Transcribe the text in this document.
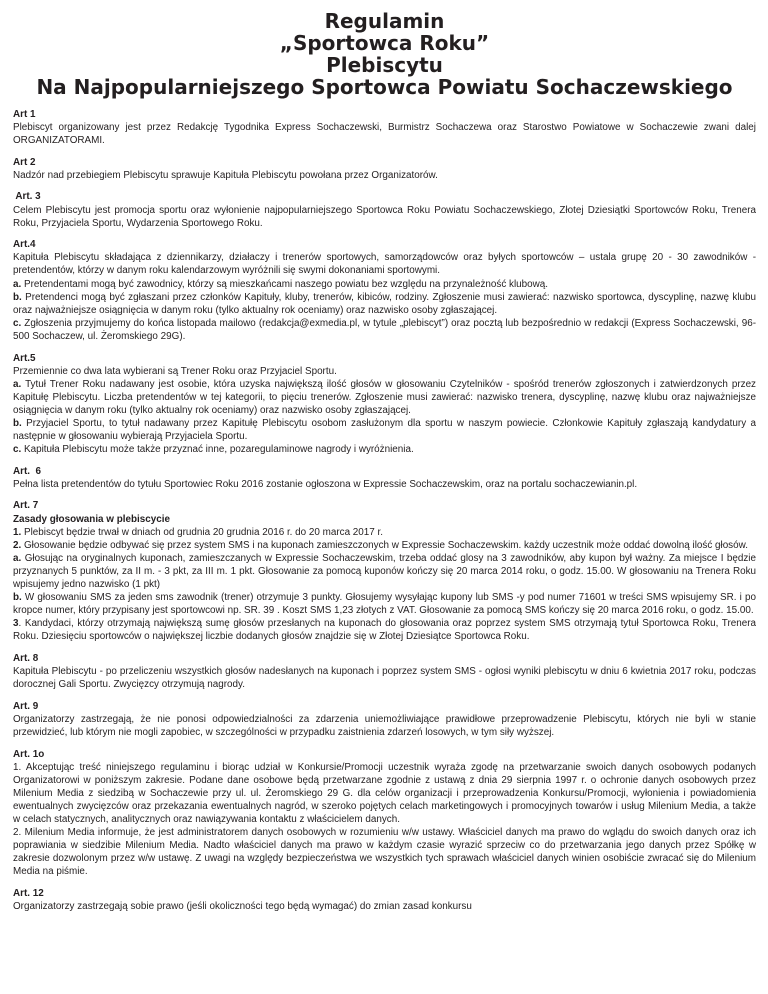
Regulamin

„Sportowca Roku”

Plebiscytu

Na Najpopularniejszego Sportowca Powiatu Sochaczewskiego

Art 1

Plebiscyt organizowany jest przez Redakcję Tygodnika Express Sochaczewski, Burmistrz Sochaczewa oraz Starostwo Powiatowe w Sochaczewie zwani dalej ORGANIZATORAMI.

Art 2

Nadzór nad przebiegiem Plebiscytu sprawuje Kapituła Plebiscytu powołana przez Organizatorów.

Art. 3

Celem Plebiscytu jest promocja sportu oraz wyłonienie najpopularniejszego Sportowca Roku Powiatu Sochaczewskiego, Złotej Dziesiątki Sportowców Roku, Trenera Roku, Przyjaciela Sportu, Wydarzenia Sportowego Roku.

Art.4

Kapituła Plebiscytu składająca z dziennikarzy, działaczy i trenerów sportowych, samorządowców oraz byłych sportowców – ustala grupę 20 - 30 zawodników - pretendentów, którzy w danym roku kalendarzowym wyróżnili się swymi dokonaniami sportowymi.

a. Pretendentami mogą być zawodnicy, którzy są mieszkańcami naszego powiatu bez względu na przynależność klubową.

b. Pretendenci mogą być zgłaszani przez członków Kapituły, kluby, trenerów, kibiców, rodziny. Zgłoszenie musi zawierać: nazwisko sportowca, dyscyplinę, nazwę klubu oraz najważniejsze osiągnięcia w danym roku (tylko aktualny rok oceniamy) oraz nazwisko osoby zgłaszającej.

c. Zgłoszenia przyjmujemy do końca listopada mailowo (redakcja@exmedia.pl, w tytule „plebiscyt”) oraz pocztą lub bezpośrednio w redakcji (Express Sochaczewski, 96-500 Sochaczew, ul. Żeromskiego 29G).

Art.5

Przemiennie co dwa lata wybierani są Trener Roku oraz Przyjaciel Sportu.

a. Tytuł Trener Roku nadawany jest osobie, która uzyska największą ilość głosów w głosowaniu Czytelników - spośród trenerów zgłoszonych i zatwierdzonych przez Kapitułę Plebiscytu. Liczba pretendentów w tej kategorii, to pięciu trenerów. Zgłoszenie musi zawierać: nazwisko trenera, dyscyplinę, nazwę klubu oraz najważniejsze osiągnięcia w danym roku (tylko aktualny rok oceniamy) oraz nazwisko osoby zgłaszającej.

b. Przyjaciel Sportu, to tytuł nadawany przez Kapitułę Plebiscytu osobom zasłużonym dla sportu w naszym powiecie. Członkowie Kapituły zgłaszają kandydatury a następnie w głosowaniu wybierają Przyjaciela Sportu.

c. Kapituła Plebiscytu może także przyznać inne, pozaregulaminowe nagrody i wyróżnienia.

Art.  6

Pełna lista pretendentów do tytułu Sportowiec Roku 2016 zostanie ogłoszona w Expressie Sochaczewskim, oraz na portalu sochaczewianin.pl.

Art. 7
Zasady głosowania w plebiscycie

1. Plebiscyt będzie trwał w dniach od grudnia 20 grudnia 2016 r. do 20 marca 2017 r.

2. Głosowanie będzie odbywać się przez system SMS i na kuponach zamieszczonych w Expressie Sochaczewskim. każdy uczestnik może oddać dowolną ilość głosów.

a. Głosując na oryginalnych kuponach, zamieszczanych w Expressie Sochaczewskim, trzeba oddać glosy na 3 zawodników, aby kupon był ważny. Za miejsce I będzie przyznanych 5 punktów, za II m. - 3 pkt, za III m. 1 pkt. Głosowanie za pomocą kuponów kończy się 20 marca 2014 roku, o godz. 15.00. W głosowaniu na Trenera Roku wpisujemy jedno nazwisko (1 pkt)

b. W głosowaniu SMS za jeden sms zawodnik (trener) otrzymuje 3 punkty. Głosujemy wysyłając kupony lub SMS -y pod numer 71601 w treści SMS wpisujemy SR. i po kropce numer, który przypisany jest sportowcowi np. SR. 39 . Koszt SMS 1,23 złotych z VAT. Głosowanie za pomocą SMS kończy się 20 marca 2016 roku, o godz. 15.00.

3. Kandydaci, którzy otrzymają największą sumę głosów przesłanych na kuponach do głosowania oraz poprzez system SMS otrzymają tytuł Sportowca Roku, Trenera Roku. Dziesięciu sportowców o największej liczbie dodanych głosów znajdzie się w Złotej Dziesiątce Sportowca Roku.

Art. 8

Kapituła Plebiscytu - po przeliczeniu wszystkich głosów nadesłanych na kuponach i poprzez system SMS - ogłosi wyniki plebiscytu w dniu 6 kwietnia 2017 roku, podczas dorocznej Gali Sportu. Zwycięzcy otrzymują nagrody.

Art. 9

Organizatorzy zastrzegają, że nie ponosi odpowiedzialności za zdarzenia uniemożliwiające prawidłowe przeprowadzenie Plebiscytu, których nie byli w stanie   przewidzieć, lub którym nie mogli zapobiec, w szczególności w przypadku zaistnienia zdarzeń losowych, w tym siły wyższej.

Art. 1o

1. Akceptując treść niniejszego regulaminu i biorąc udział w Konkursie/Promocji uczestnik wyraża zgodę na przetwarzanie swoich danych osobowych podanych Organizatorowi w poniższym zakresie. Podane dane osobowe będą przetwarzane zgodnie z ustawą z dnia 29 sierpnia 1997 r. o ochronie danych osobowych przez Milenium Media z siedzibą w Sochaczewie przy ul. ul. Żeromskiego 29 G. dla celów organizacji i przeprowadzenia Konkursu/Promocji, wyłonienia i powiadomienia ewentualnych zwycięzców oraz przekazania ewentualnych nagród, w szeroko pojętych celach marketingowych i promocyjnych towarów i usług Milenium Media, a także w celach statycznych, analitycznych oraz nawiązywania kontaktu z właścicielem danych.

2. Milenium Media informuje, że jest administratorem danych osobowych w rozumieniu w/w ustawy. Właściciel danych ma prawo do wglądu do swoich danych oraz ich poprawiania w siedzibie Milenium Media. Nadto właściciel danych ma prawo w każdym czasie wyrazić sprzeciw co do przetwarzania jego danych przez Spółkę w zakresie dozwolonym przez w/w ustawę. Z uwagi na względy bezpieczeństwa we wszystkich tych sprawach właściciel danych winien osobiście zwracać się do Milenium Media na piśmie.

Art. 12

Organizatorzy zastrzegają sobie prawo (jeśli okoliczności tego będą wymagać) do zmian zasad konkursu
